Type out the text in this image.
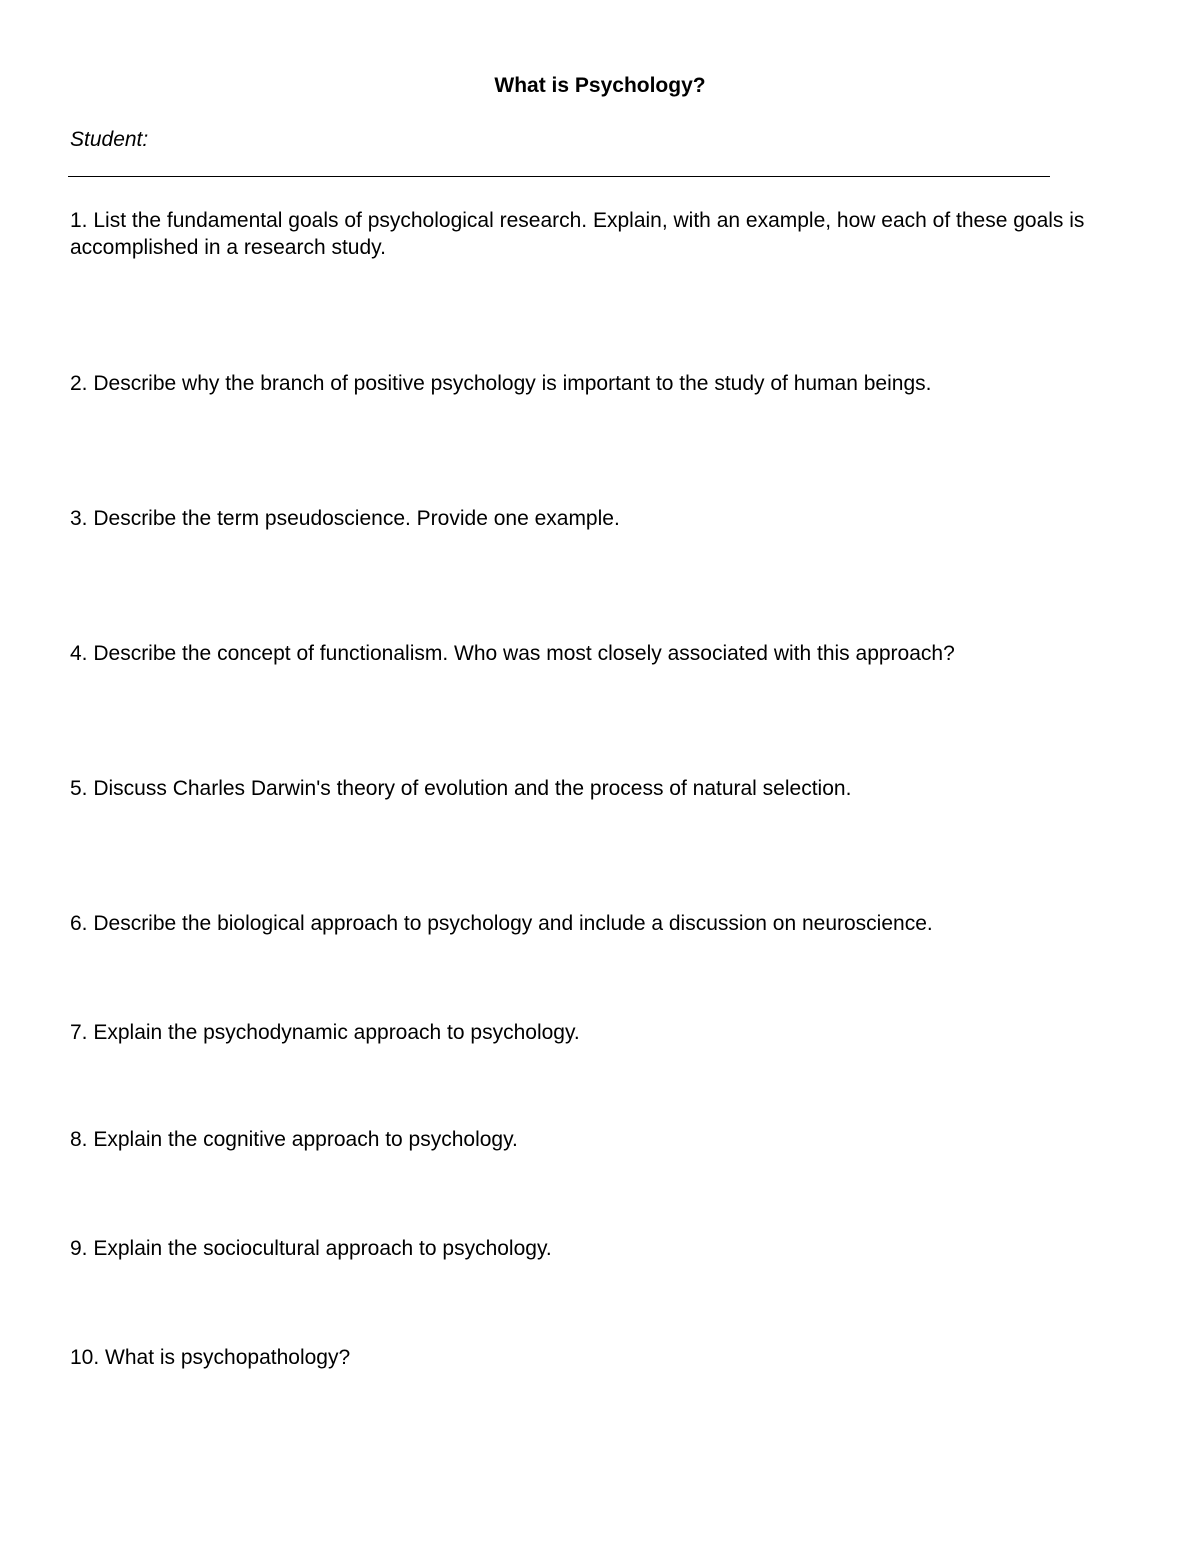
What is Psychology?
Student:

1. List the fundamental goals of psychological research. Explain, with an example, how each of these goals is accomplished in a research study.

2. Describe why the branch of positive psychology is important to the study of human beings.

3. Describe the term pseudoscience. Provide one example.

4. Describe the concept of functionalism. Who was most closely associated with this approach?

5. Discuss Charles Darwin's theory of evolution and the process of natural selection.

6. Describe the biological approach to psychology and include a discussion on neuroscience.

7. Explain the psychodynamic approach to psychology.

8. Explain the cognitive approach to psychology.

9. Explain the sociocultural approach to psychology.

10. What is psychopathology?
